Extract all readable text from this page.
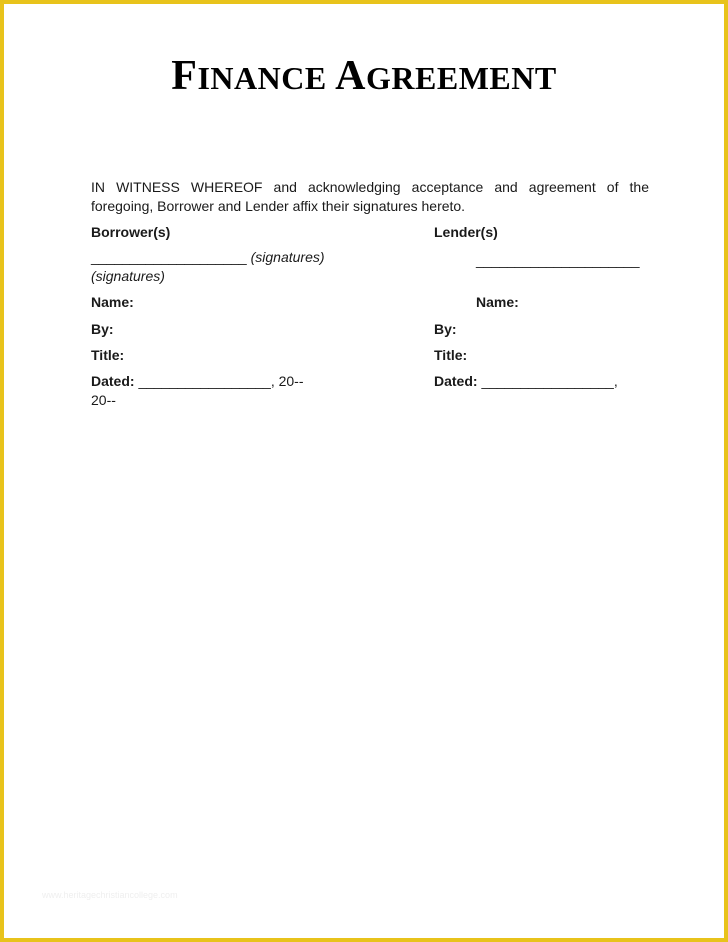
FINANCE AGREEMENT
IN WITNESS WHEREOF and acknowledging acceptance and agreement of the foregoing, Borrower and Lender affix their signatures hereto.
Borrower(s)
____________________ (signatures)
(signatures)
Name:
By:
Title:
Dated: _________________, 20--
20--
Lender(s)
_____________________
Name:
By:
Title:
Dated: _________________,
www.heritagechristiancollege.com
